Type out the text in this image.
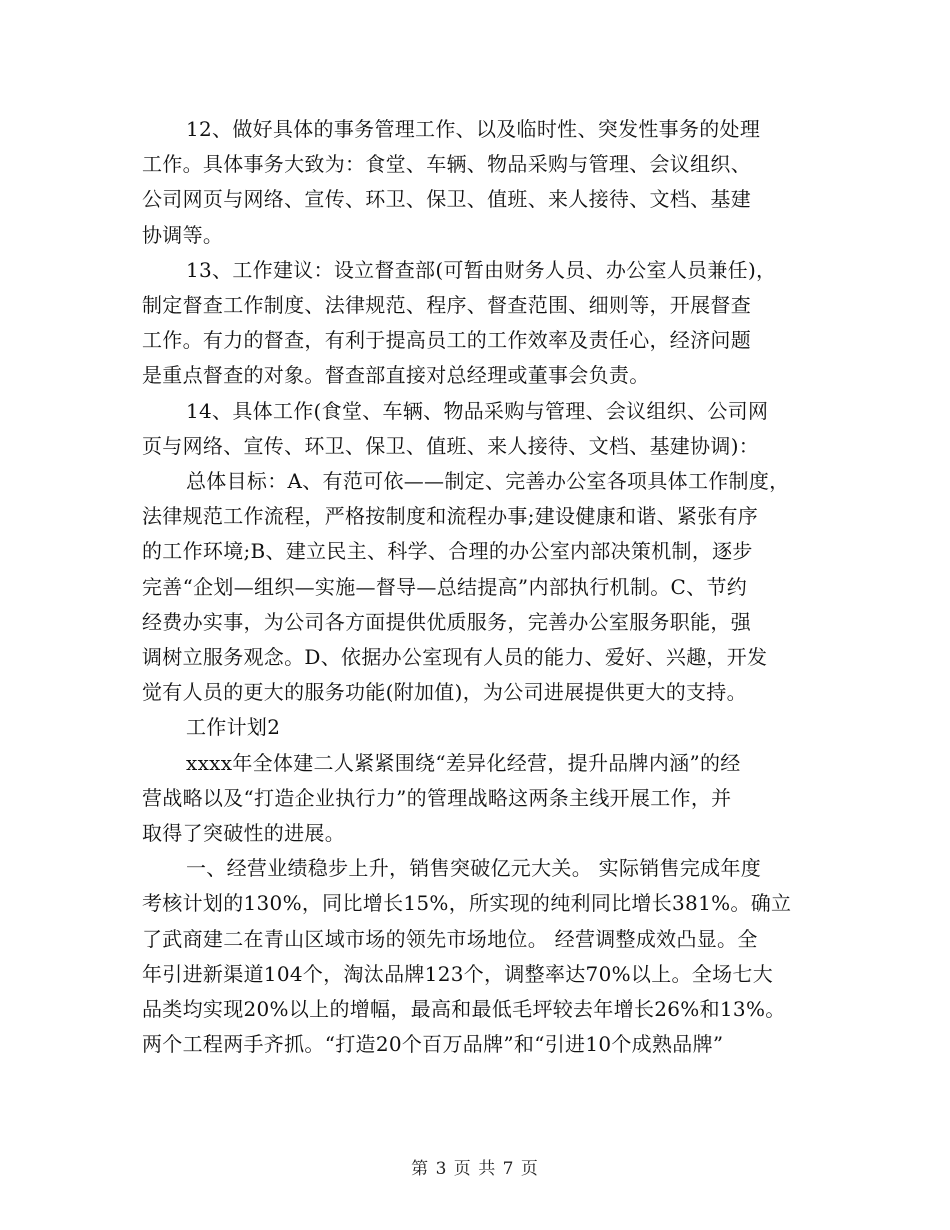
12、做好具体的事务管理工作、以及临时性、突发性事务的处理
工作。具体事务大致为：食堂、车辆、物品采购与管理、会议组织、
公司网页与网络、宣传、环卫、保卫、值班、来人接待、文档、基建
协调等。

13、工作建议：设立督查部(可暂由财务人员、办公室人员兼任)，
制定督查工作制度、法律规范、程序、督查范围、细则等，开展督查
工作。有力的督查，有利于提高员工的工作效率及责任心，经济问题
是重点督查的对象。督查部直接对总经理或董事会负责。

14、具体工作(食堂、车辆、物品采购与管理、会议组织、公司网
页与网络、宣传、环卫、保卫、值班、来人接待、文档、基建协调)：

总体目标：A、有范可依——制定、完善办公室各项具体工作制度，
法律规范工作流程，严格按制度和流程办事;建设健康和谐、紧张有序
的工作环境;B、建立民主、科学、合理的办公室内部决策机制，逐步
完善“企划—组织—实施—督导—总结提高”内部执行机制。C、节约
经费办实事，为公司各方面提供优质服务，完善办公室服务职能，强
调树立服务观念。D、依据办公室现有人员的能力、爱好、兴趣，开发
觉有人员的更大的服务功能(附加值)，为公司进展提供更大的支持。

工作计划2

xxxx年全体建二人紧紧围绕“差异化经营，提升品牌内涵”的经
营战略以及“打造企业执行力”的管理战略这两条主线开展工作，并
取得了突破性的进展。

一、经营业绩稳步上升，销售突破亿元大关。 实际销售完成年度
考核计划的130%，同比增长15%，所实现的纯利同比增长381%。确立
了武商建二在青山区域市场的领先市场地位。 经营调整成效凸显。全
年引进新渠道104个，淘汰品牌123个，调整率达70%以上。全场七大
品类均实现20%以上的增幅，最高和最低毛坪较去年增长26%和13%。
两个工程两手齐抓。“打造20个百万品牌”和“引进10个成熟品牌”

第 3 页 共 7 页
